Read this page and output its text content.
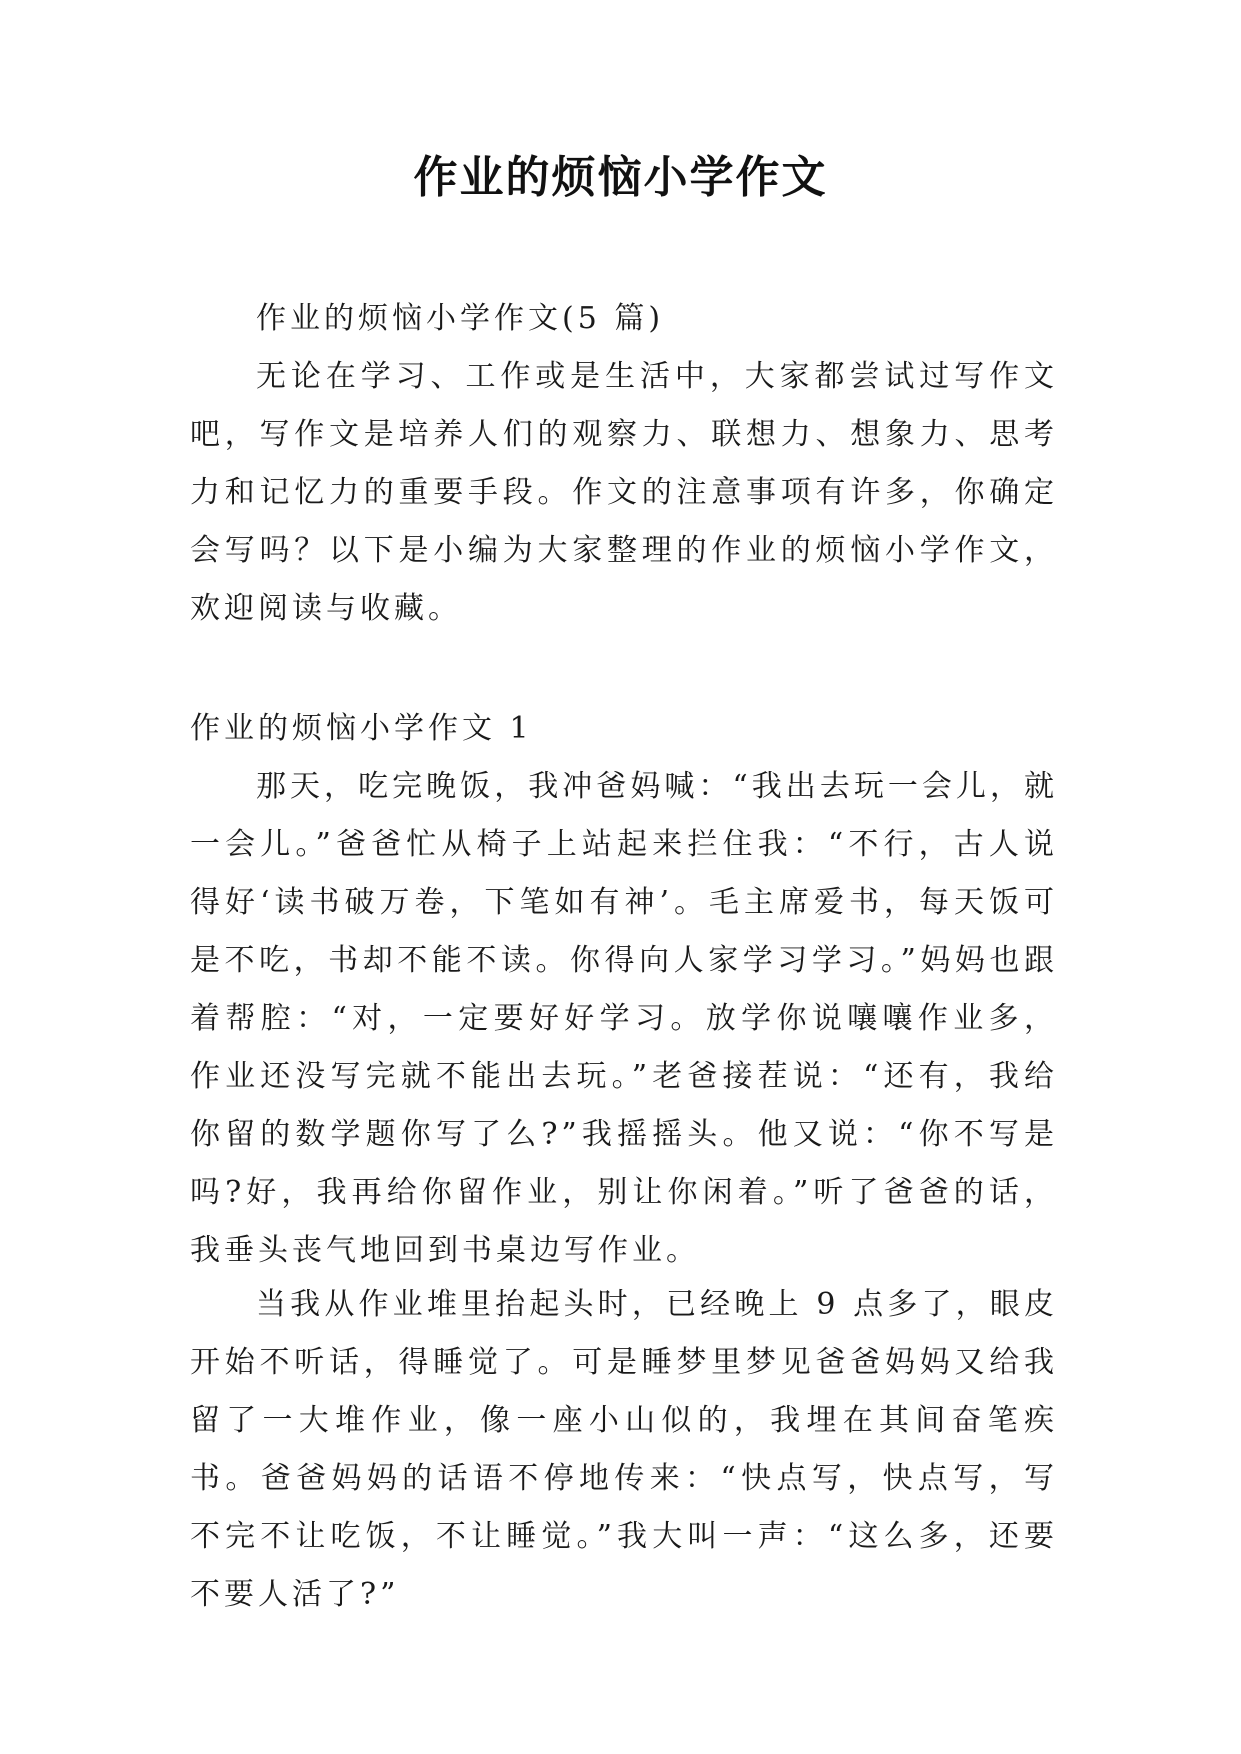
作业的烦恼小学作文
作业的烦恼小学作文(5 篇)

无论在学习、工作或是生活中，大家都尝试过写作文吧，写作文是培养人们的观察力、联想力、想象力、思考力和记忆力的重要手段。作文的注意事项有许多，你确定会写吗？以下是小编为大家整理的作业的烦恼小学作文，欢迎阅读与收藏。

作业的烦恼小学作文 1

那天，吃完晚饭，我冲爸妈喊：“我出去玩一会儿，就一会儿。”爸爸忙从椅子上站起来拦住我：“不行，古人说得好‘读书破万卷，下笔如有神’。毛主席爱书，每天饭可是不吃，书却不能不读。你得向人家学习学习。”妈妈也跟着帮腔：“对，一定要好好学习。放学你说嚷嚷作业多，作业还没写完就不能出去玩。”老爸接茬说：“还有，我给你留的数学题你写了么?”我摇摇头。他又说：“你不写是吗?好，我再给你留作业，别让你闲着。”听了爸爸的话，我垂头丧气地回到书桌边写作业。

当我从作业堆里抬起头时，已经晚上 9 点多了，眼皮开始不听话，得睡觉了。可是睡梦里梦见爸爸妈妈又给我留了一大堆作业，像一座小山似的，我埋在其间奋笔疾书。爸爸妈妈的话语不停地传来：“快点写，快点写，写不完不让吃饭，不让睡觉。”我大叫一声：“这么多，还要不要人活了?”
